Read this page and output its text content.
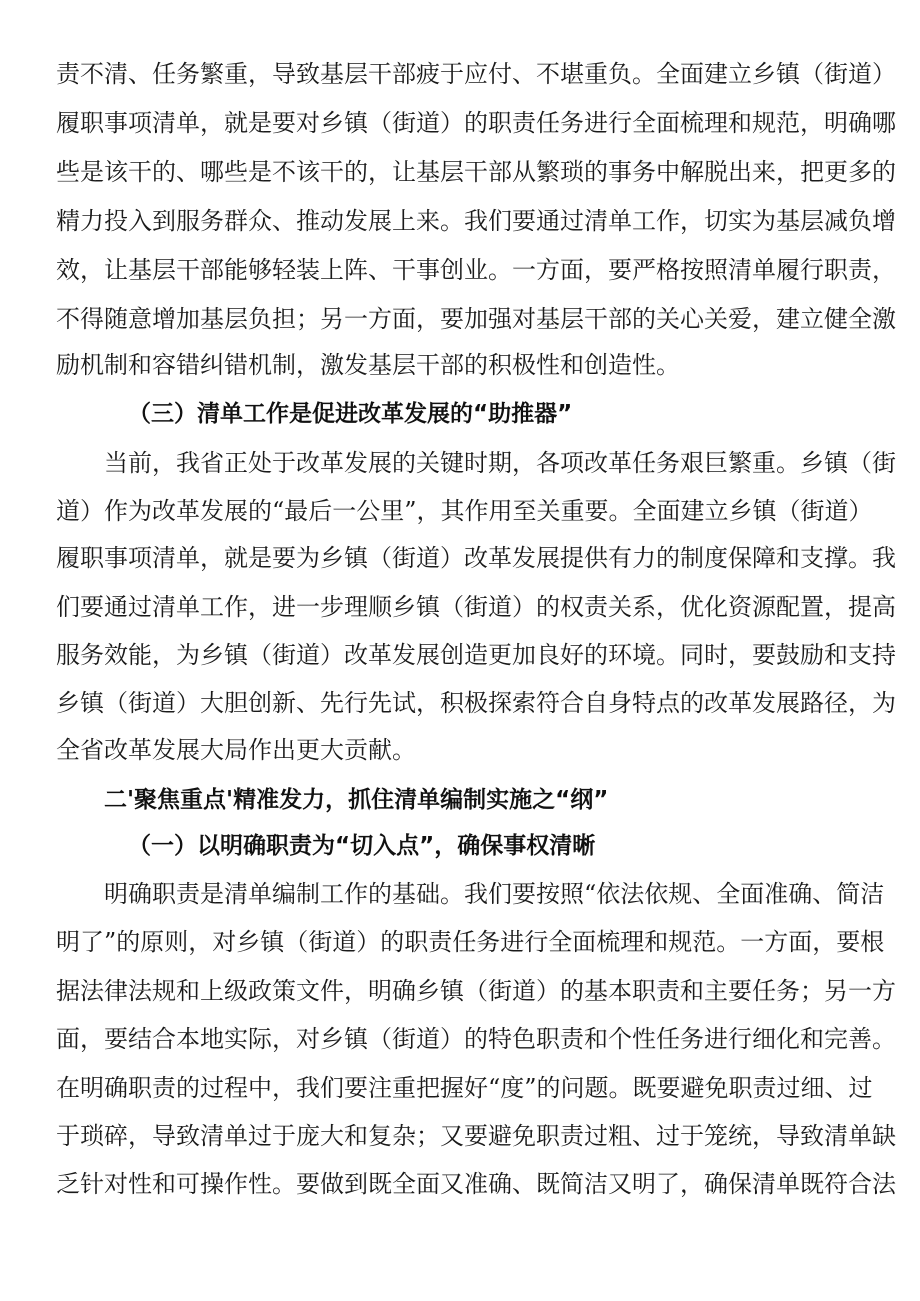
责不清、任务繁重，导致基层干部疲于应付、不堪重负。全面建立乡镇（街道）
履职事项清单，就是要对乡镇（街道）的职责任务进行全面梳理和规范，明确哪
些是该干的、哪些是不该干的，让基层干部从繁琐的事务中解脱出来，把更多的
精力投入到服务群众、推动发展上来。我们要通过清单工作，切实为基层减负增
效，让基层干部能够轻装上阵、干事创业。一方面，要严格按照清单履行职责，
不得随意增加基层负担；另一方面，要加强对基层干部的关心关爱，建立健全激
励机制和容错纠错机制，激发基层干部的积极性和创造性。
（三）清单工作是促进改革发展的“助推器”
当前，我省正处于改革发展的关键时期，各项改革任务艰巨繁重。乡镇（街
道）作为改革发展的“最后一公里”，其作用至关重要。全面建立乡镇（街道）
履职事项清单，就是要为乡镇（街道）改革发展提供有力的制度保障和支撑。我
们要通过清单工作，进一步理顺乡镇（街道）的权责关系，优化资源配置，提高
服务效能，为乡镇（街道）改革发展创造更加良好的环境。同时，要鼓励和支持
乡镇（街道）大胆创新、先行先试，积极探索符合自身特点的改革发展路径，为
全省改革发展大局作出更大贡献。
二'聚焦重点'精准发力，抓住清单编制实施之“纲”
（一）以明确职责为“切入点”，确保事权清晰
明确职责是清单编制工作的基础。我们要按照“依法依规、全面准确、简洁
明了”的原则，对乡镇（街道）的职责任务进行全面梳理和规范。一方面，要根
据法律法规和上级政策文件，明确乡镇（街道）的基本职责和主要任务；另一方
面，要结合本地实际，对乡镇（街道）的特色职责和个性任务进行细化和完善。
在明确职责的过程中，我们要注重把握好“度”的问题。既要避免职责过细、过
于琐碎，导致清单过于庞大和复杂；又要避免职责过粗、过于笼统，导致清单缺
乏针对性和可操作性。要做到既全面又准确、既简洁又明了，确保清单既符合法
